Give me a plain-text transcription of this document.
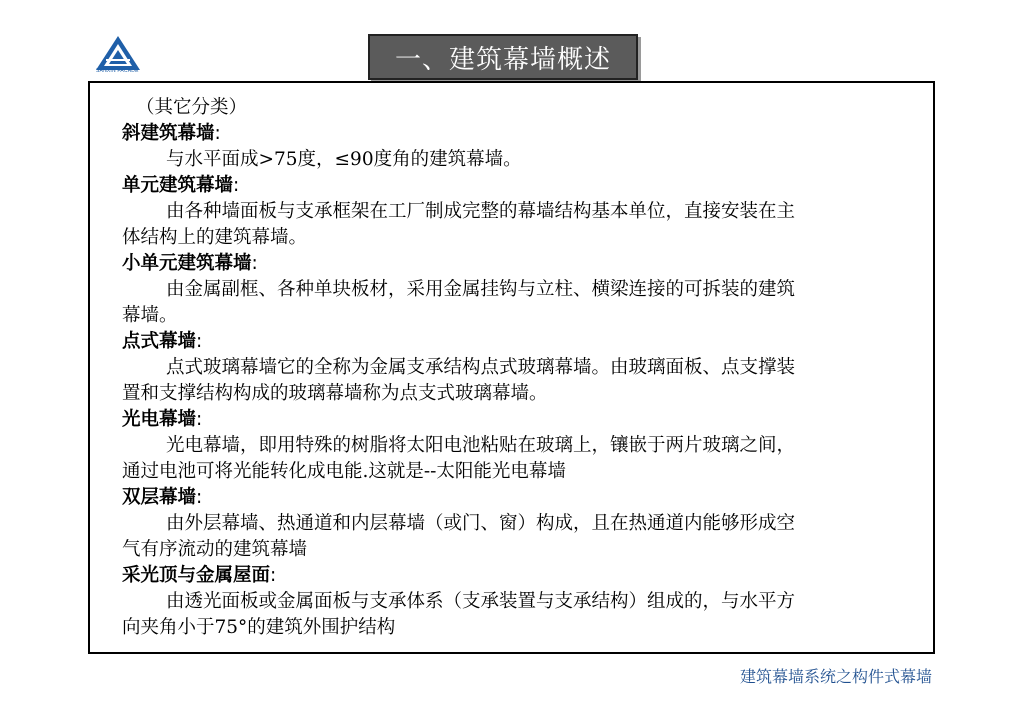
SANXIN FACADE	一、建筑幕墙概述
（其它分类）
斜建筑幕墙:
与水平面成>75度，≤90度角的建筑幕墙。
单元建筑幕墙:
由各种墙面板与支承框架在工厂制成完整的幕墙结构基本单位，直接安装在主
体结构上的建筑幕墙。
小单元建筑幕墙:
由金属副框、各种单块板材，采用金属挂钩与立柱、横梁连接的可拆装的建筑
幕墙。
点式幕墙:
点式玻璃幕墙它的全称为金属支承结构点式玻璃幕墙。由玻璃面板、点支撑装
置和支撑结构构成的玻璃幕墙称为点支式玻璃幕墙。
光电幕墙:
光电幕墙，即用特殊的树脂将太阳电池粘贴在玻璃上，镶嵌于两片玻璃之间，
通过电池可将光能转化成电能.这就是--太阳能光电幕墙
双层幕墙:
由外层幕墙、热通道和内层幕墙（或门、窗）构成，且在热通道内能够形成空
气有序流动的建筑幕墙
采光顶与金属屋面:
由透光面板或金属面板与支承体系（支承装置与支承结构）组成的，与水平方
向夹角小于75°的建筑外围护结构
建筑幕墙系统之构件式幕墙
